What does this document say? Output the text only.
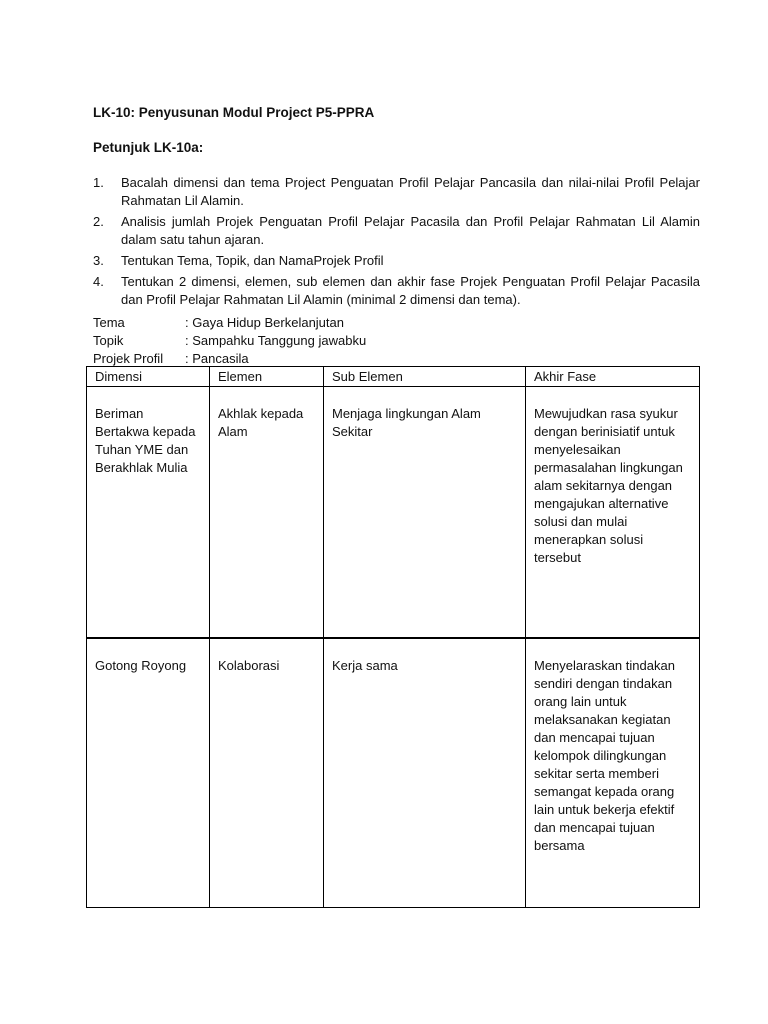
LK-10: Penyusunan Modul Project P5-PPRA
Petunjuk LK-10a:
1.	Bacalah dimensi dan tema Project Penguatan Profil Pelajar Pancasila dan nilai-nilai Profil Pelajar Rahmatan Lil Alamin.
2.	Analisis jumlah Projek Penguatan Profil Pelajar Pacasila dan Profil Pelajar Rahmatan Lil Alamin dalam satu tahun ajaran.
3.	Tentukan Tema, Topik, dan NamaProjek Profil
4.	Tentukan 2 dimensi, elemen, sub elemen dan akhir fase Projek Penguatan Profil Pelajar Pacasila dan Profil Pelajar Rahmatan Lil Alamin (minimal 2 dimensi dan tema).
Tema	: Gaya Hidup Berkelanjutan
Topik	: Sampahku Tanggung jawabku
Projek Profil	: Pancasila
Dimensi	Elemen	Sub Elemen	Akhir Fase
Beriman Bertakwa kepada Tuhan YME dan Berakhlak Mulia	Akhlak kepada Alam	Menjaga lingkungan Alam Sekitar	Mewujudkan rasa syukur dengan berinisiatif untuk menyelesaikan permasalahan lingkungan alam sekitarnya dengan mengajukan alternative solusi dan mulai menerapkan solusi tersebut
Gotong Royong	Kolaborasi	Kerja sama	Menyelaraskan tindakan sendiri dengan tindakan orang lain untuk melaksanakan kegiatan dan mencapai tujuan kelompok dilingkungan sekitar serta memberi semangat kepada orang lain untuk bekerja efektif dan mencapai tujuan bersama
